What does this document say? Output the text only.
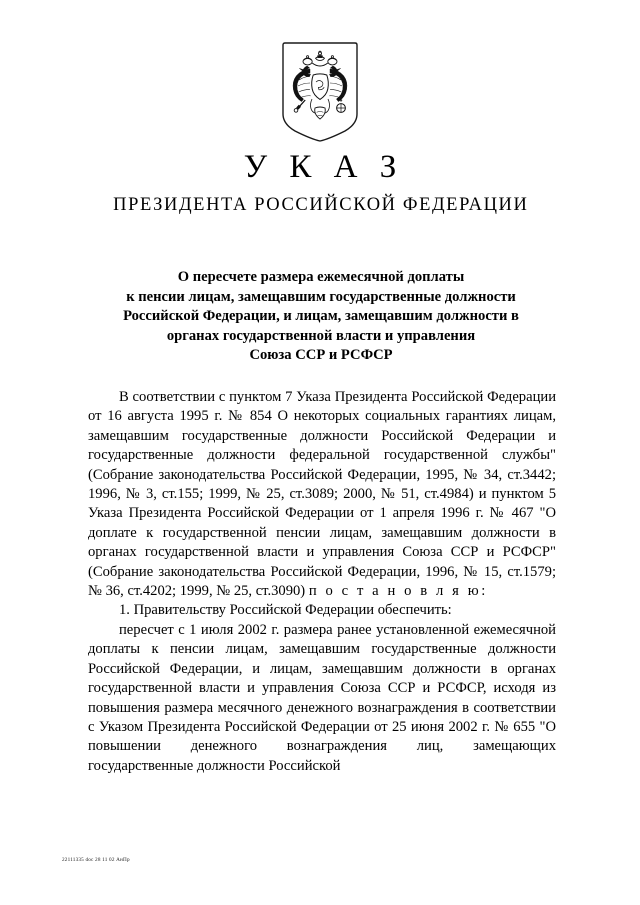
У К А З
ПРЕЗИДЕНТА РОССИЙСКОЙ ФЕДЕРАЦИИ
О пересчете размера ежемесячной доплаты
к пенсии лицам, замещавшим государственные должности
Российской Федерации, и лицам, замещавшим должности в
органах государственной власти и управления
Союза ССР и РСФСР

В соответствии с пунктом 7 Указа Президента Российской Федерации от 16 августа 1995 г. № 854 О некоторых социальных гарантиях лицам, замещавшим государственные должности Российской Федерации и государственные должности федеральной государственной службы" (Собрание законодательства Российской Федерации, 1995, № 34, ст.3442; 1996, № 3, ст.155; 1999, № 25, ст.3089; 2000, № 51, ст.4984) и пунктом 5 Указа Президента Российской Федерации от 1 апреля 1996 г. № 467 "О доплате к государственной пенсии лицам, замещавшим должности в органах государственной власти и управления Союза ССР и РСФСР" (Собрание законодательства Российской Федерации, 1996, № 15, ст.1579; № 36, ст.4202; 1999, № 25, ст.3090) п о с т а н о в л я ю:

1. Правительству Российской Федерации обеспечить:

пересчет с 1 июля 2002 г. размера ранее установленной ежемесячной доплаты к пенсии лицам, замещавшим государственные должности Российской Федерации, и лицам, замещавшим должности в органах государственной власти и управления Союза ССР и РСФСР, исходя из повышения размера месячного денежного вознаграждения в соответствии с Указом Президента Российской Федерации от 25 июня 2002 г. № 655 "О повышении денежного вознаграждения лиц, замещающих государственные должности Российской

22111335 doc 28 11 02 АнПр
